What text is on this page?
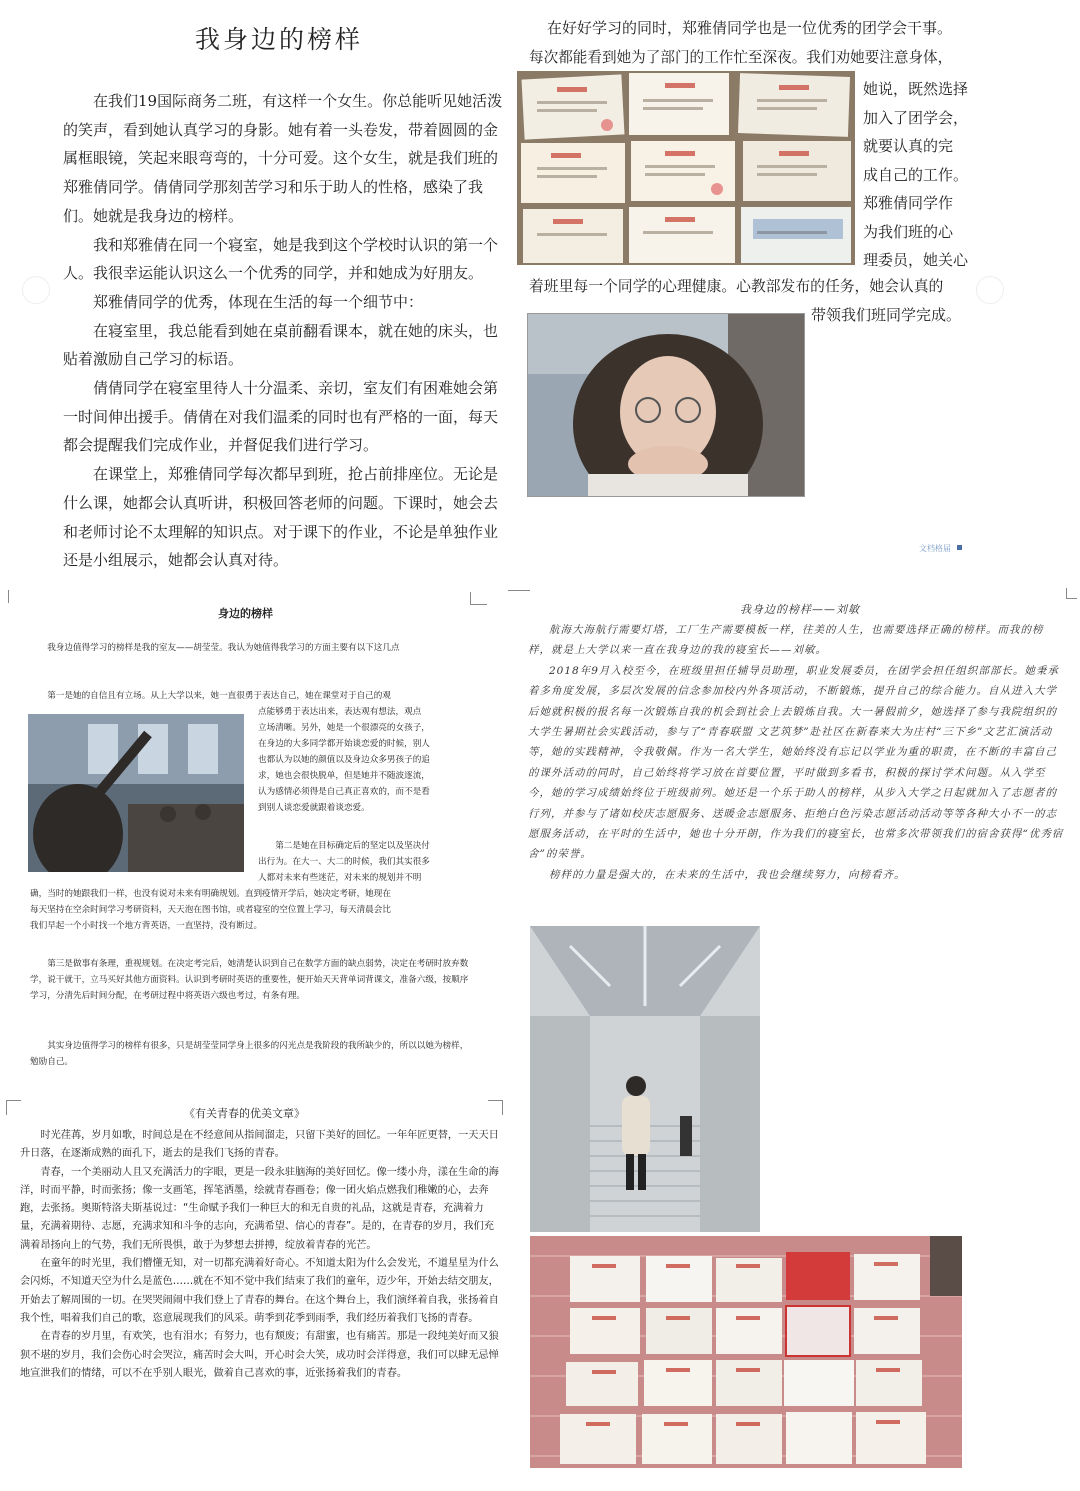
我身边的榜样

在我们19国际商务二班，有这样一个女生。你总能听见她活泼的笑声，看到她认真学习的身影。她有着一头卷发，带着圆圆的金属框眼镜，笑起来眼弯弯的，十分可爱。这个女生，就是我们班的郑雅倩同学。倩倩同学那刻苦学习和乐于助人的性格，感染了我们。她就是我身边的榜样。

我和郑雅倩在同一个寝室，她是我到这个学校时认识的第一个人。我很幸运能认识这么一个优秀的同学，并和她成为好朋友。

郑雅倩同学的优秀，体现在生活的每一个细节中：

在寝室里，我总能看到她在桌前翻看课本，就在她的床头，也贴着激励自己学习的标语。

倩倩同学在寝室里待人十分温柔、亲切，室友们有困难她会第一时间伸出援手。倩倩在对我们温柔的同时也有严格的一面，每天都会提醒我们完成作业，并督促我们进行学习。

在课堂上，郑雅倩同学每次都早到班，抢占前排座位。无论是什么课，她都会认真听讲，积极回答老师的问题。下课时，她会去和老师讨论不太理解的知识点。对于课下的作业，不论是单独作业还是小组展示，她都会认真对待。

在好好学习的同时，郑雅倩同学也是一位优秀的团学会干事。
每次都能看到她为了部门的工作忙至深夜。我们劝她要注意身体，
她说，既然选择
加入了团学会，
就要认真的完
成自己的工作。
郑雅倩同学作
为我们班的心
理委员，她关心
着班里每一个同学的心理健康。心教部发布的任务，她会认真的
带领我们班同学完成。
文档格届
身边的榜样
我身边值得学习的榜样是我的室友——胡莹莹。我认为她值得我学习的方面主要有以下这几点
第一是她的自信且有立场。从上大学以来，她一直很勇于表达自己，她在课堂对于自己的观
点能够勇于表达出来，表达观有想法，观点
立场清晰。另外，她是一个很漂亮的女孩子，
在身边的大多同学都开始谈恋爱的时候，别人
也都认为以她的颜值以及身边众多男孩子的追
求，她也会很快脱单，但是她并不随波逐流，
认为感情必须得是自己真正喜欢的，而不是看
到别人谈恋爱就跟着谈恋爱。
第二是她在目标确定后的坚定以及坚决付
出行为。在大一、大二的时候，我们其实很多
人都对未来有些迷茫，对未来的规划并不明
确，当时的她跟我们一样，也没有说对未来有明确规划。直到疫情开学后，她决定考研，她现在
每天坚持在空余时间学习考研资料，天天泡在图书馆，或者寝室的空位置上学习，每天清晨会比
我们早起一个小时找一个地方背英语，一直坚持，没有断过。
第三是做事有条理，重视规划。在决定考完后，她清楚认识到自己在数学方面的缺点弱势，决定在考研时放弃数学，说干就干，立马买好其他方面资料。认识到考研时英语的重要性，便开始天天背单词背课文，准备六级，按顺序学习，分清先后时间分配，在考研过程中将英语六级也考过，有条有理。
其实身边值得学习的榜样有很多，只是胡莹莹同学身上很多的闪光点是我阶段的我所缺少的，所以以她为榜样，勉励自己。
《有关青春的优美文章》

时光荏苒，岁月如歌，时间总是在不经意间从指间溜走，只留下美好的回忆。一年年匠更替，一天天日升日落，在逐渐成熟的面孔下，逝去的是我们飞扬的青春。

青春，一个美丽动人且又充满活力的字眼，更是一段永驻脑海的美好回忆。像一缕小舟，漾在生命的海洋，时而平静，时而张扬；像一支画笔，挥笔洒墨，绘就青春画卷；像一团火焰点燃我们稚嫩的心，去奔跑，去张扬。奥斯特洛夫斯基说过：“生命赋予我们一种巨大的和无自贵的礼品，这就是青春，充满着力量，充满着期待、志愿，充满求知和斗争的志向，充满希望、信心的青春”。是的，在青春的岁月，我们充满着昂扬向上的气势，我们无所畏惧，敢于为梦想去拼搏，绽放着青春的光芒。

在童年的时光里，我们懵懂无知，对一切都充满着好奇心。不知道太阳为什么会发光，不道星星为什么会闪烁，不知道天空为什么是蓝色……就在不知不觉中我们结束了我们的童年，迈少年，开始去结交朋友，开始去了解周围的一切。在哭哭闹闹中我们登上了青春的舞台。在这个舞台上，我们演绎着自我，张扬着自我个性，唱着我们自己的歌，恣意展现我们的风采。萌季到花季到雨季，我们经历着我们飞扬的青春。

在青春的岁月里，有欢笑，也有泪水；有努力，也有颓废；有甜蜜，也有痛苦。那是一段纯美好而又狼狈不堪的岁月，我们会伤心时会哭泣，痛苦时会大叫，开心时会大笑，成功时会洋得意，我们可以肆无忌惮地宣泄我们的情绪，可以不在乎别人眼光，做着自己喜欢的事，近张扬着我们的青春。

我身边的榜样——刘敏

航海大海航行需要灯塔，工厂生产需要模板一样，往美的人生，也需要选择正确的榜样。而我的榜样，就是上大学以来一直在我身边的我的寝室长——刘敏。

2018年9月入校至今，在班级里担任辅导员助理，职业发展委员，在团学会担任组织部部长。她秉承着多角度发展，多层次发展的信念参加校内外各项活动，不断锻炼，提升自己的综合能力。自从进入大学后她就积极的报名每一次锻炼自我的机会到社会上去锻炼自我。大一暑假前夕，她选择了参与我院组织的大学生暑期社会实践活动，参与了“青春联盟 文艺筑梦”赴社区在新春来大为庄村“三下乡”文艺汇演活动等，她的实践精神，令我敬佩。作为一名大学生，她始终没有忘记以学业为重的职责，在不断的丰富自己的课外活动的同时，自己始终将学习放在首要位置，平时做到多看书，积极的探讨学术问题。从入学至今，她的学习成绩始终位于班级前列。她还是一个乐于助人的榜样，从步入大学之日起就加入了志愿者的行列，并参与了诸如校庆志愿服务、送暖金志愿服务、拒绝白色污染志愿活动活动等等各种大小不一的志愿服务活动，在平时的生活中，她也十分开朗，作为我们的寝室长，也常多次带领我们的宿舍获得“优秀宿舍”的荣誉。

榜样的力量是强大的，在未来的生活中，我也会继续努力，向榜看齐。
